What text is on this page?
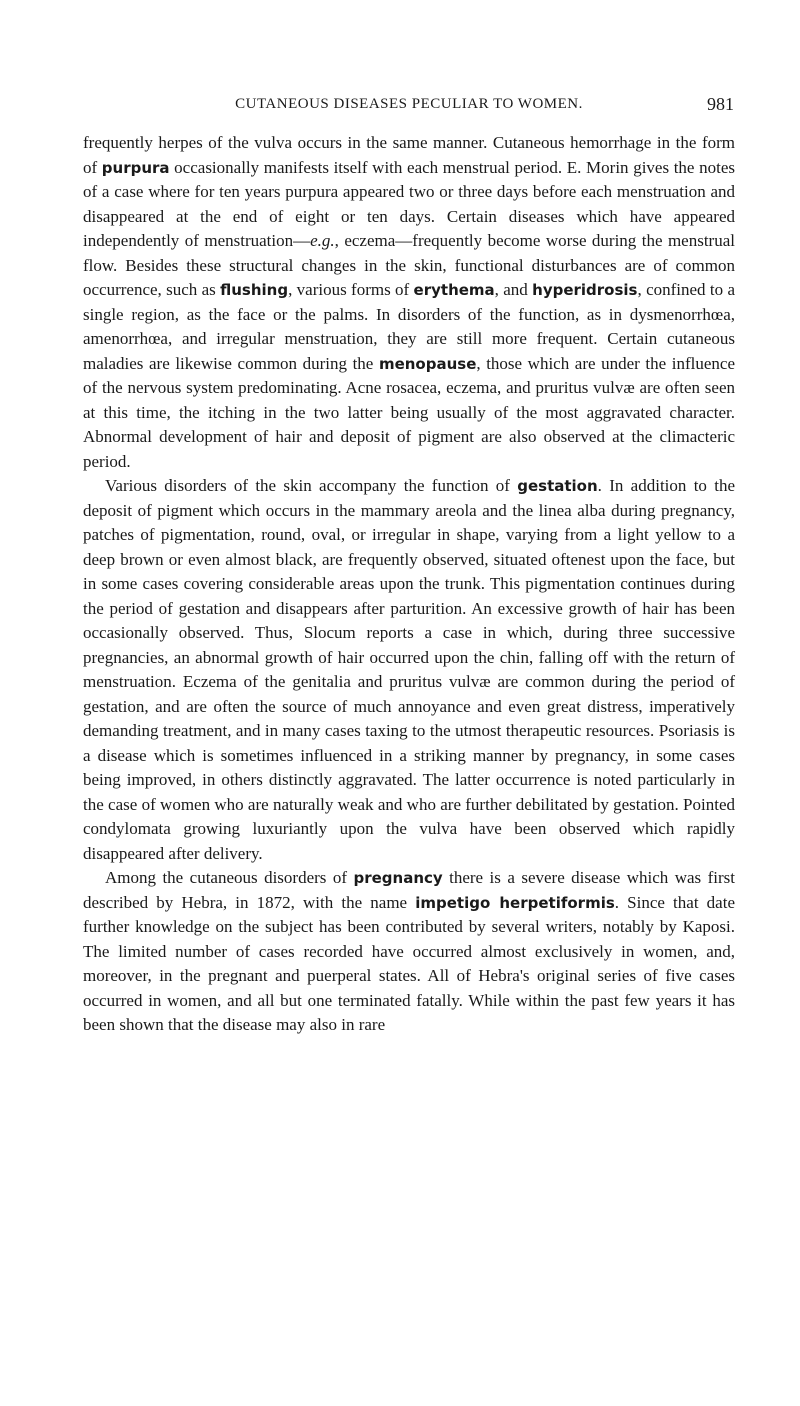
CUTANEOUS DISEASES PECULIAR TO WOMEN.	981

frequently herpes of the vulva occurs in the same manner. Cutaneous hemorrhage in the form of purpura occasionally manifests itself with each menstrual period. E. Morin gives the notes of a case where for ten years purpura appeared two or three days before each menstruation and disappeared at the end of eight or ten days. Certain diseases which have appeared independently of menstruation—e.g., eczema—frequently become worse during the menstrual flow. Besides these structural changes in the skin, functional disturbances are of common occurrence, such as flushing, various forms of erythema, and hyperidrosis, confined to a single region, as the face or the palms. In disorders of the function, as in dysmenorrhœa, amenorrhœa, and irregular menstruation, they are still more frequent. Certain cutaneous maladies are likewise common during the menopause, those which are under the influence of the nervous system predominating. Acne rosacea, eczema, and pruritus vulvæ are often seen at this time, the itching in the two latter being usually of the most aggravated character. Abnormal development of hair and deposit of pigment are also observed at the climacteric period.

Various disorders of the skin accompany the function of gestation. In addition to the deposit of pigment which occurs in the mammary areola and the linea alba during pregnancy, patches of pigmentation, round, oval, or irregular in shape, varying from a light yellow to a deep brown or even almost black, are frequently observed, situated oftenest upon the face, but in some cases covering considerable areas upon the trunk. This pigmentation continues during the period of gestation and disappears after parturition. An excessive growth of hair has been occasionally observed. Thus, Slocum reports a case in which, during three successive pregnancies, an abnormal growth of hair occurred upon the chin, falling off with the return of menstruation. Eczema of the genitalia and pruritus vulvæ are common during the period of gestation, and are often the source of much annoyance and even great distress, imperatively demanding treatment, and in many cases taxing to the utmost therapeutic resources. Psoriasis is a disease which is sometimes influenced in a striking manner by pregnancy, in some cases being improved, in others distinctly aggravated. The latter occurrence is noted particularly in the case of women who are naturally weak and who are further debilitated by gestation. Pointed condylomata growing luxuriantly upon the vulva have been observed which rapidly disappeared after delivery.

Among the cutaneous disorders of pregnancy there is a severe disease which was first described by Hebra, in 1872, with the name impetigo herpetiformis. Since that date further knowledge on the subject has been contributed by several writers, notably by Kaposi. The limited number of cases recorded have occurred almost exclusively in women, and, moreover, in the pregnant and puerperal states. All of Hebra's original series of five cases occurred in women, and all but one terminated fatally. While within the past few years it has been shown that the disease may also in rare
